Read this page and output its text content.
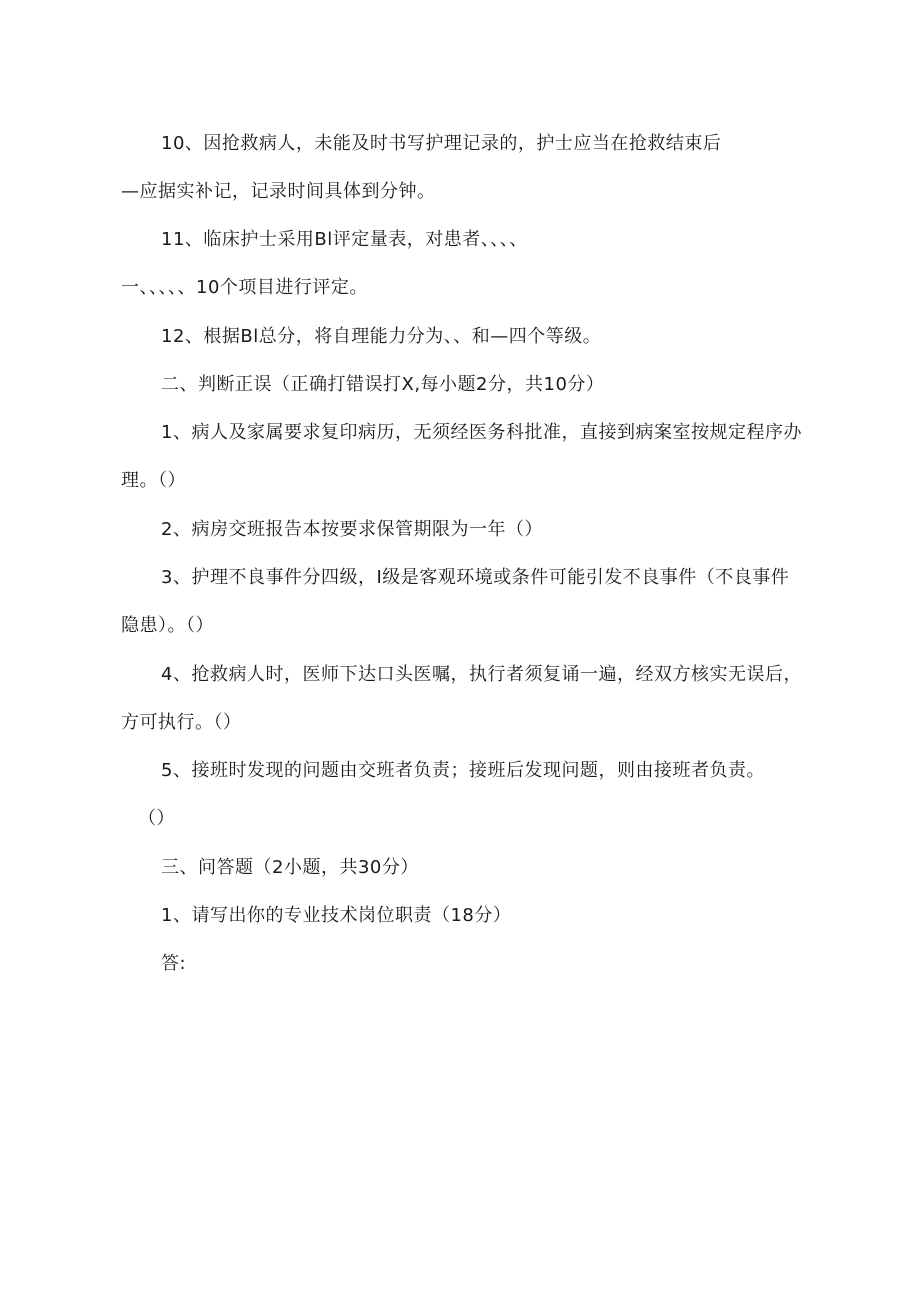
10、因抢救病人，未能及时书写护理记录的，护士应当在抢救结束后
—应据实补记，记录时间具体到分钟。
11、临床护士采用Bl评定量表，对患者、、、、
一、、、、、10个项目进行评定。
12、根据Bl总分，将自理能力分为、、和—四个等级。
二、判断正误（正确打错误打X,每小题2分，共10分）
1、病人及家属要求复印病历，无须经医务科批准，直接到病案室按规定程序办
理。（）
2、病房交班报告本按要求保管期限为一年（）
3、护理不良事件分四级，I级是客观环境或条件可能引发不良事件（不良事件
隐患）。（）
4、抢救病人时，医师下达口头医嘱，执行者须复诵一遍，经双方核实无误后，
方可执行。（）
5、接班时发现的问题由交班者负责；接班后发现问题，则由接班者负责。
（）
三、问答题（2小题，共30分）
1、请写出你的专业技术岗位职责（18分）
答:
